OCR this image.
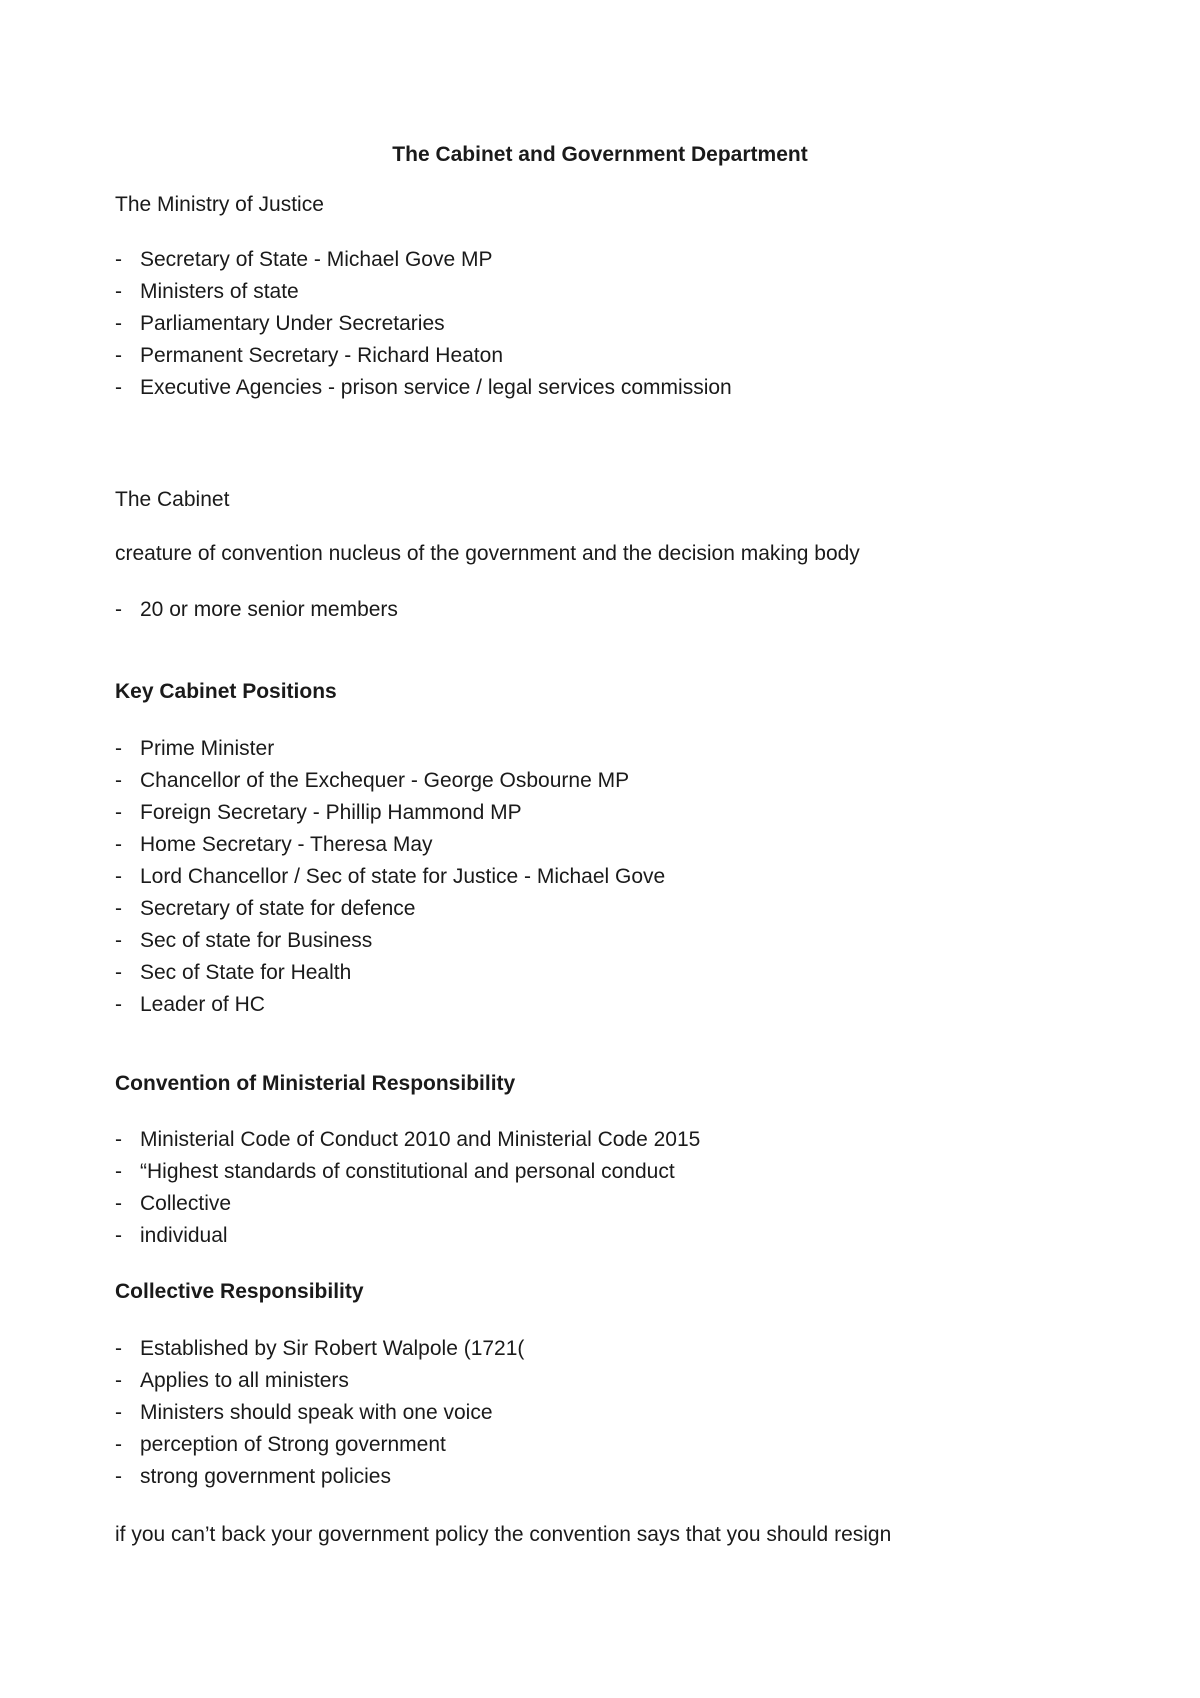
The Cabinet and Government Department

The Ministry of Justice

- Secretary of State - Michael Gove MP
- Ministers of state
- Parliamentary Under Secretaries
- Permanent Secretary - Richard Heaton
- Executive Agencies - prison service / legal services commission

The Cabinet

creature of convention nucleus of the government and the decision making body

- 20 or more senior members

Key Cabinet Positions

- Prime Minister
- Chancellor of the Exchequer - George Osbourne MP
- Foreign Secretary - Phillip Hammond MP
- Home Secretary - Theresa May
- Lord Chancellor / Sec of state for Justice - Michael Gove
- Secretary of state for defence
- Sec of state for Business
- Sec of State for Health
- Leader of HC

Convention of Ministerial Responsibility

- Ministerial Code of Conduct 2010 and Ministerial Code 2015
- “Highest standards of constitutional and personal conduct
- Collective
- individual

Collective Responsibility

- Established by Sir Robert Walpole (1721(
- Applies to all ministers
- Ministers should speak with one voice
- perception of Strong government
- strong government policies

if you can’t back your government policy the convention says that you should resign
